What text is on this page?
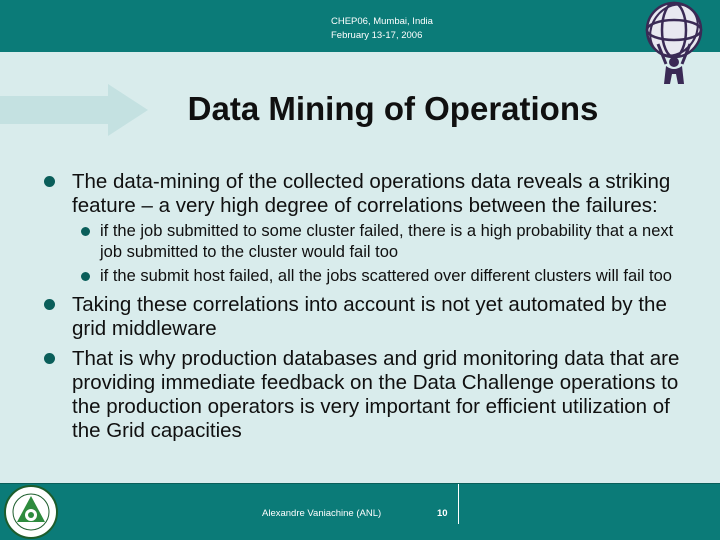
CHEP06, Mumbai, India
February 13-17, 2006
Data Mining of Operations
The data-mining of the collected operations data reveals a striking feature – a very high degree of correlations between the failures:
if the job submitted to some cluster failed, there is a high probability that a next job submitted to the cluster would fail too
if the submit host failed, all the jobs scattered over different clusters will fail too
Taking these correlations into account is not yet automated by the grid middleware
That is why production databases and grid monitoring data that are providing immediate feedback on the Data Challenge operations to the production operators is very important for efficient utilization of the Grid capacities
Alexandre Vaniachine (ANL)	10
